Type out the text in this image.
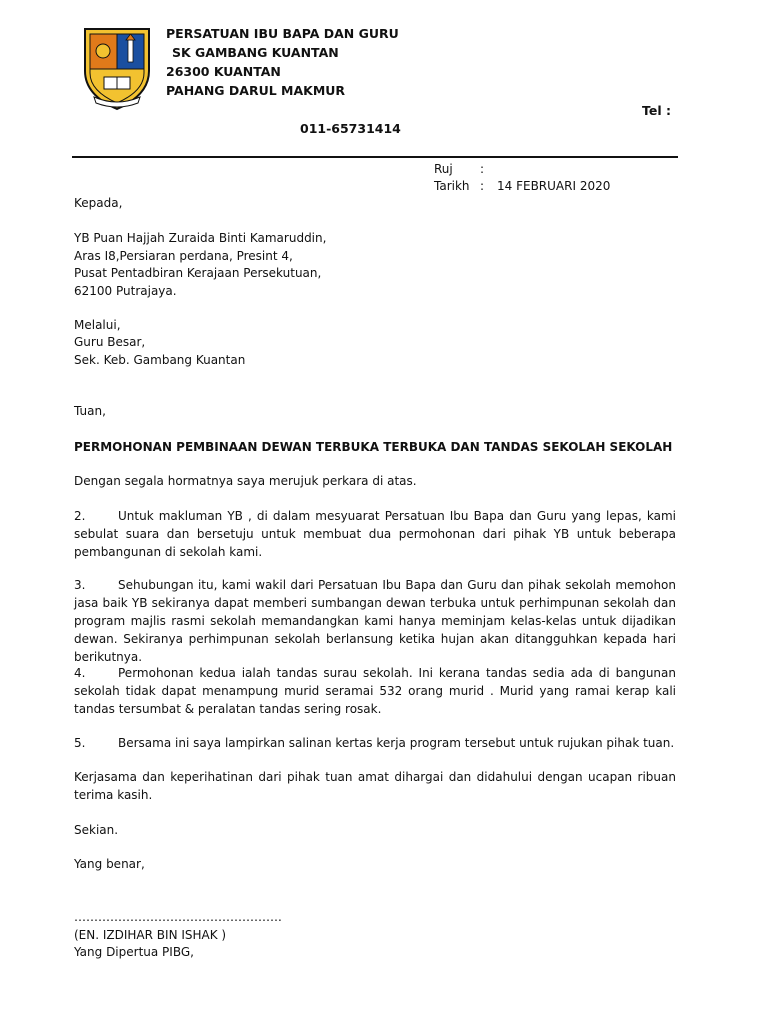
PERSATUAN IBU BAPA DAN GURU
SK GAMBANG KUANTAN
26300 KUANTAN
PAHANG DARUL MAKMUR
Tel :
011-65731414
Ruj :
Tarikh : 14 FEBRUARI 2020
Kepada,
YB Puan Hajjah Zuraida Binti Kamaruddin,
Aras I8,Persiaran perdana, Presint 4,
Pusat Pentadbiran Kerajaan Persekutuan,
62100 Putrajaya.
Melalui,
Guru Besar,
Sek. Keb. Gambang Kuantan
Tuan,
PERMOHONAN PEMBINAAN DEWAN TERBUKA TERBUKA DAN TANDAS SEKOLAH SEKOLAH
Dengan segala hormatnya saya merujuk perkara di atas.
2.	Untuk makluman YB , di dalam mesyuarat Persatuan Ibu Bapa dan Guru yang lepas, kami sebulat suara dan bersetuju untuk membuat dua permohonan dari pihak YB untuk beberapa pembangunan di sekolah kami.
3.	Sehubungan itu, kami wakil dari Persatuan Ibu Bapa dan Guru dan pihak sekolah memohon jasa baik YB sekiranya dapat memberi sumbangan dewan terbuka untuk perhimpunan sekolah dan program majlis rasmi sekolah memandangkan kami hanya meminjam kelas-kelas untuk dijadikan dewan. Sekiranya perhimpunan sekolah berlansung ketika hujan akan ditangguhkan kepada hari berikutnya.
4.	Permohonan kedua ialah tandas surau sekolah. Ini kerana tandas sedia ada di bangunan sekolah tidak dapat menampung murid seramai 532 orang murid . Murid yang ramai kerap kali tandas tersumbat & peralatan tandas sering rosak.
5.	Bersama ini saya lampirkan salinan kertas kerja program tersebut untuk rujukan pihak tuan.
Kerjasama dan keperihatinan dari pihak tuan amat dihargai dan didahului dengan ucapan ribuan terima kasih.
Sekian.
Yang benar,
…………………………………………….
(EN. IZDIHAR BIN ISHAK )
Yang Dipertua PIBG,
